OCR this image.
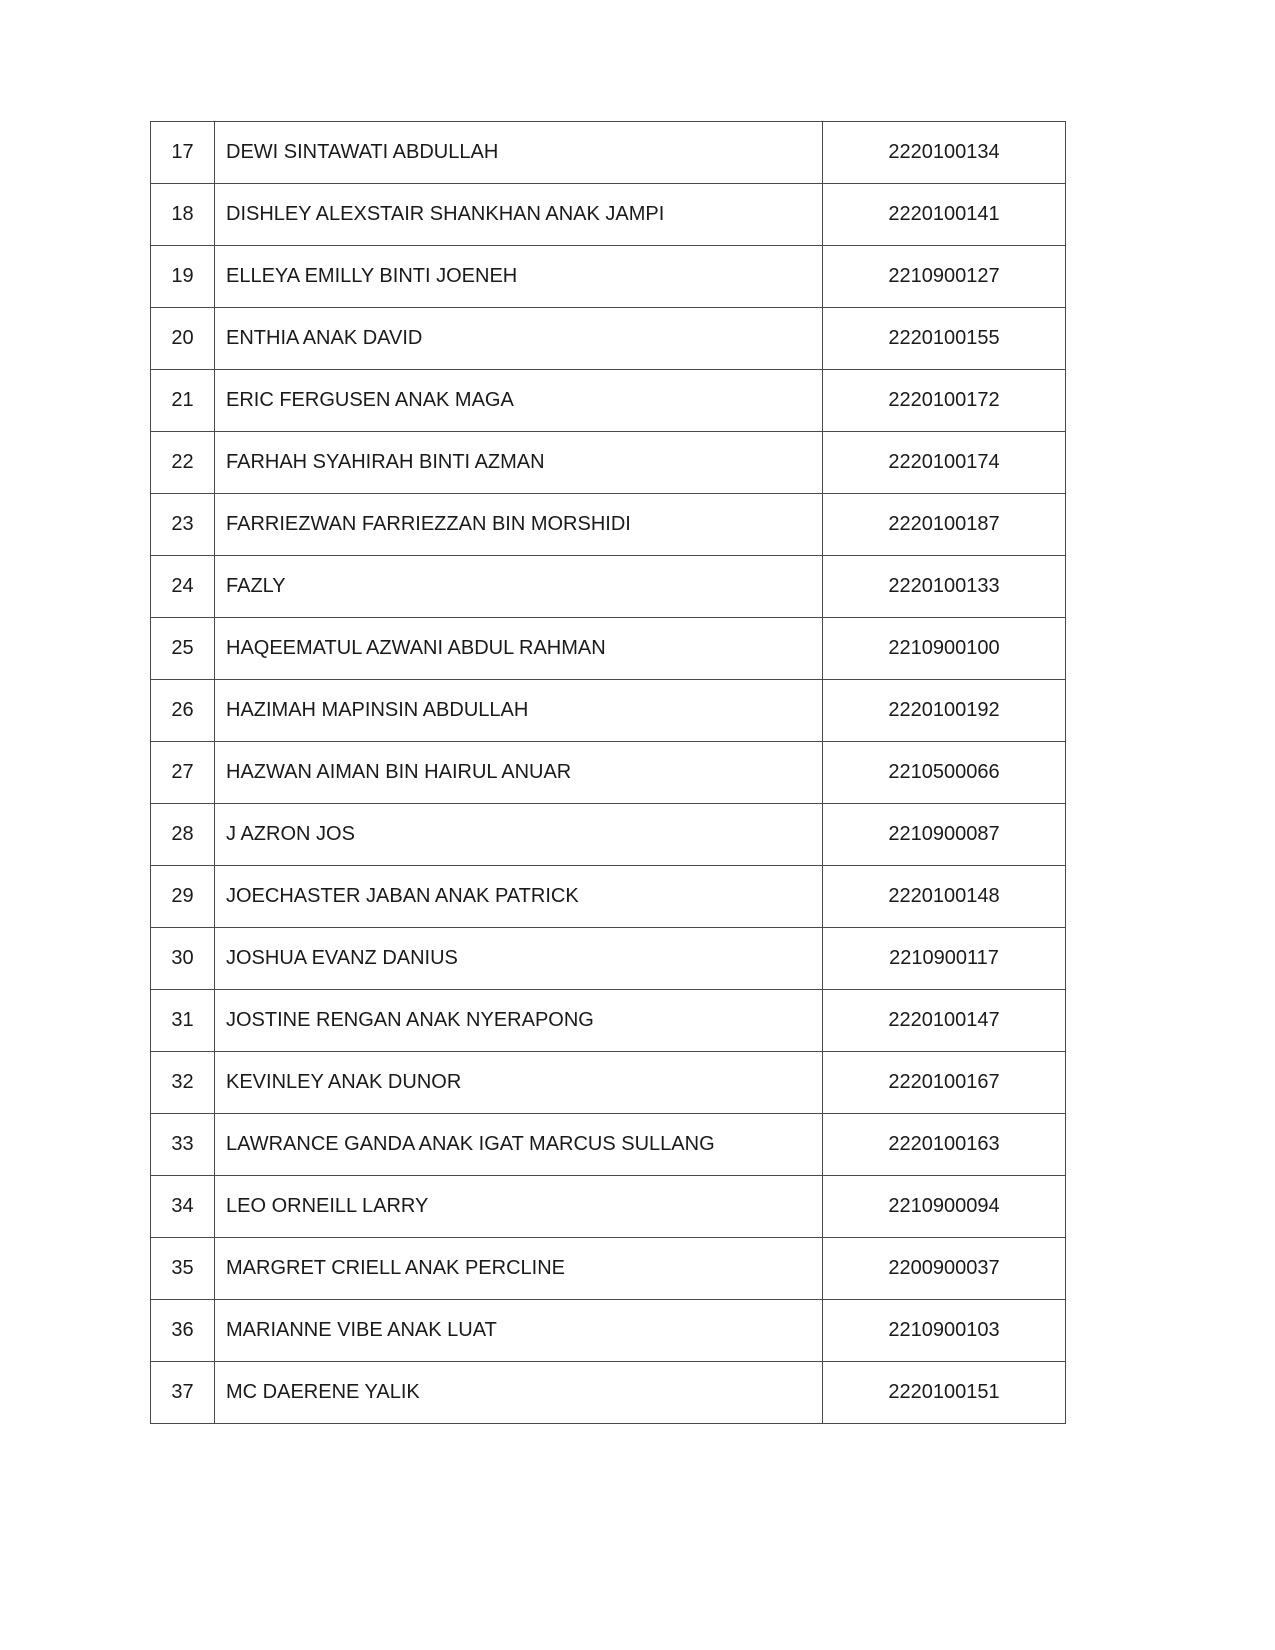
17	DEWI SINTAWATI ABDULLAH	2220100134
18	DISHLEY ALEXSTAIR SHANKHAN ANAK JAMPI	2220100141
19	ELLEYA EMILLY BINTI JOENEH	2210900127
20	ENTHIA ANAK DAVID	2220100155
21	ERIC FERGUSEN ANAK MAGA	2220100172
22	FARHAH SYAHIRAH BINTI AZMAN	2220100174
23	FARRIEZWAN FARRIEZZAN BIN MORSHIDI	2220100187
24	FAZLY	2220100133
25	HAQEEMATUL AZWANI ABDUL RAHMAN	2210900100
26	HAZIMAH MAPINSIN ABDULLAH	2220100192
27	HAZWAN AIMAN BIN HAIRUL ANUAR	2210500066
28	J AZRON JOS	2210900087
29	JOECHASTER JABAN ANAK PATRICK	2220100148
30	JOSHUA EVANZ DANIUS	2210900117
31	JOSTINE RENGAN ANAK NYERAPONG	2220100147
32	KEVINLEY ANAK DUNOR	2220100167
33	LAWRANCE GANDA ANAK IGAT MARCUS SULLANG	2220100163
34	LEO ORNEILL LARRY	2210900094
35	MARGRET CRIELL ANAK PERCLINE	2200900037
36	MARIANNE VIBE ANAK LUAT	2210900103
37	MC DAERENE YALIK	2220100151
